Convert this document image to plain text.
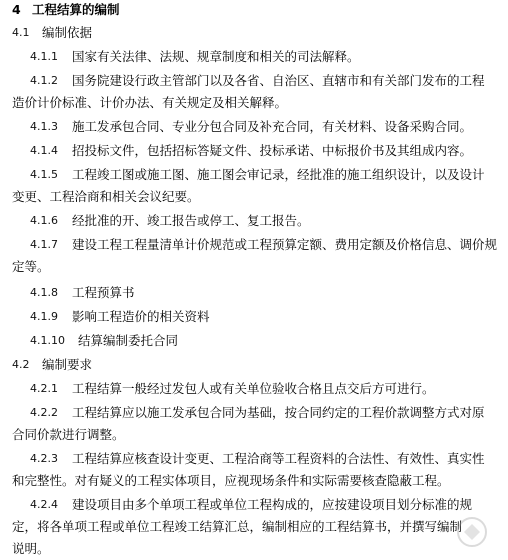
4 工程结算的编制
4.1 编制依据
4.1.1 国家有关法律、法规、规章制度和相关的司法解释。
4.1.2 国务院建设行政主管部门以及各省、自治区、直辖市和有关部门发布的工程
造价计价标准、计价办法、有关规定及相关解释。
4.1.3 施工发承包合同、专业分包合同及补充合同，有关材料、设备采购合同。
4.1.4 招投标文件，包括招标答疑文件、投标承诺、中标报价书及其组成内容。
4.1.5 工程竣工图或施工图、施工图会审记录，经批准的施工组织设计，以及设计
变更、工程洽商和相关会议纪要。
4.1.6 经批准的开、竣工报告或停工、复工报告。
4.1.7 建设工程工程量清单计价规范或工程预算定额、费用定额及价格信息、调价规
定等。
4.1.8 工程预算书
4.1.9 影响工程造价的相关资料
4.1.10 结算编制委托合同
4.2 编制要求
4.2.1 工程结算一般经过发包人或有关单位验收合格且点交后方可进行。
4.2.2 工程结算应以施工发承包合同为基础，按合同约定的工程价款调整方式对原
合同价款进行调整。
4.2.3 工程结算应核查设计变更、工程洽商等工程资料的合法性、有效性、真实性
和完整性。对有疑义的工程实体项目，应视现场条件和实际需要核查隐蔽工程。
4.2.4 建设项目由多个单项工程或单位工程构成的，应按建设项目划分标准的规
定，将各单项工程或单位工程竣工结算汇总，编制相应的工程结算书，并撰写编制
说明。
